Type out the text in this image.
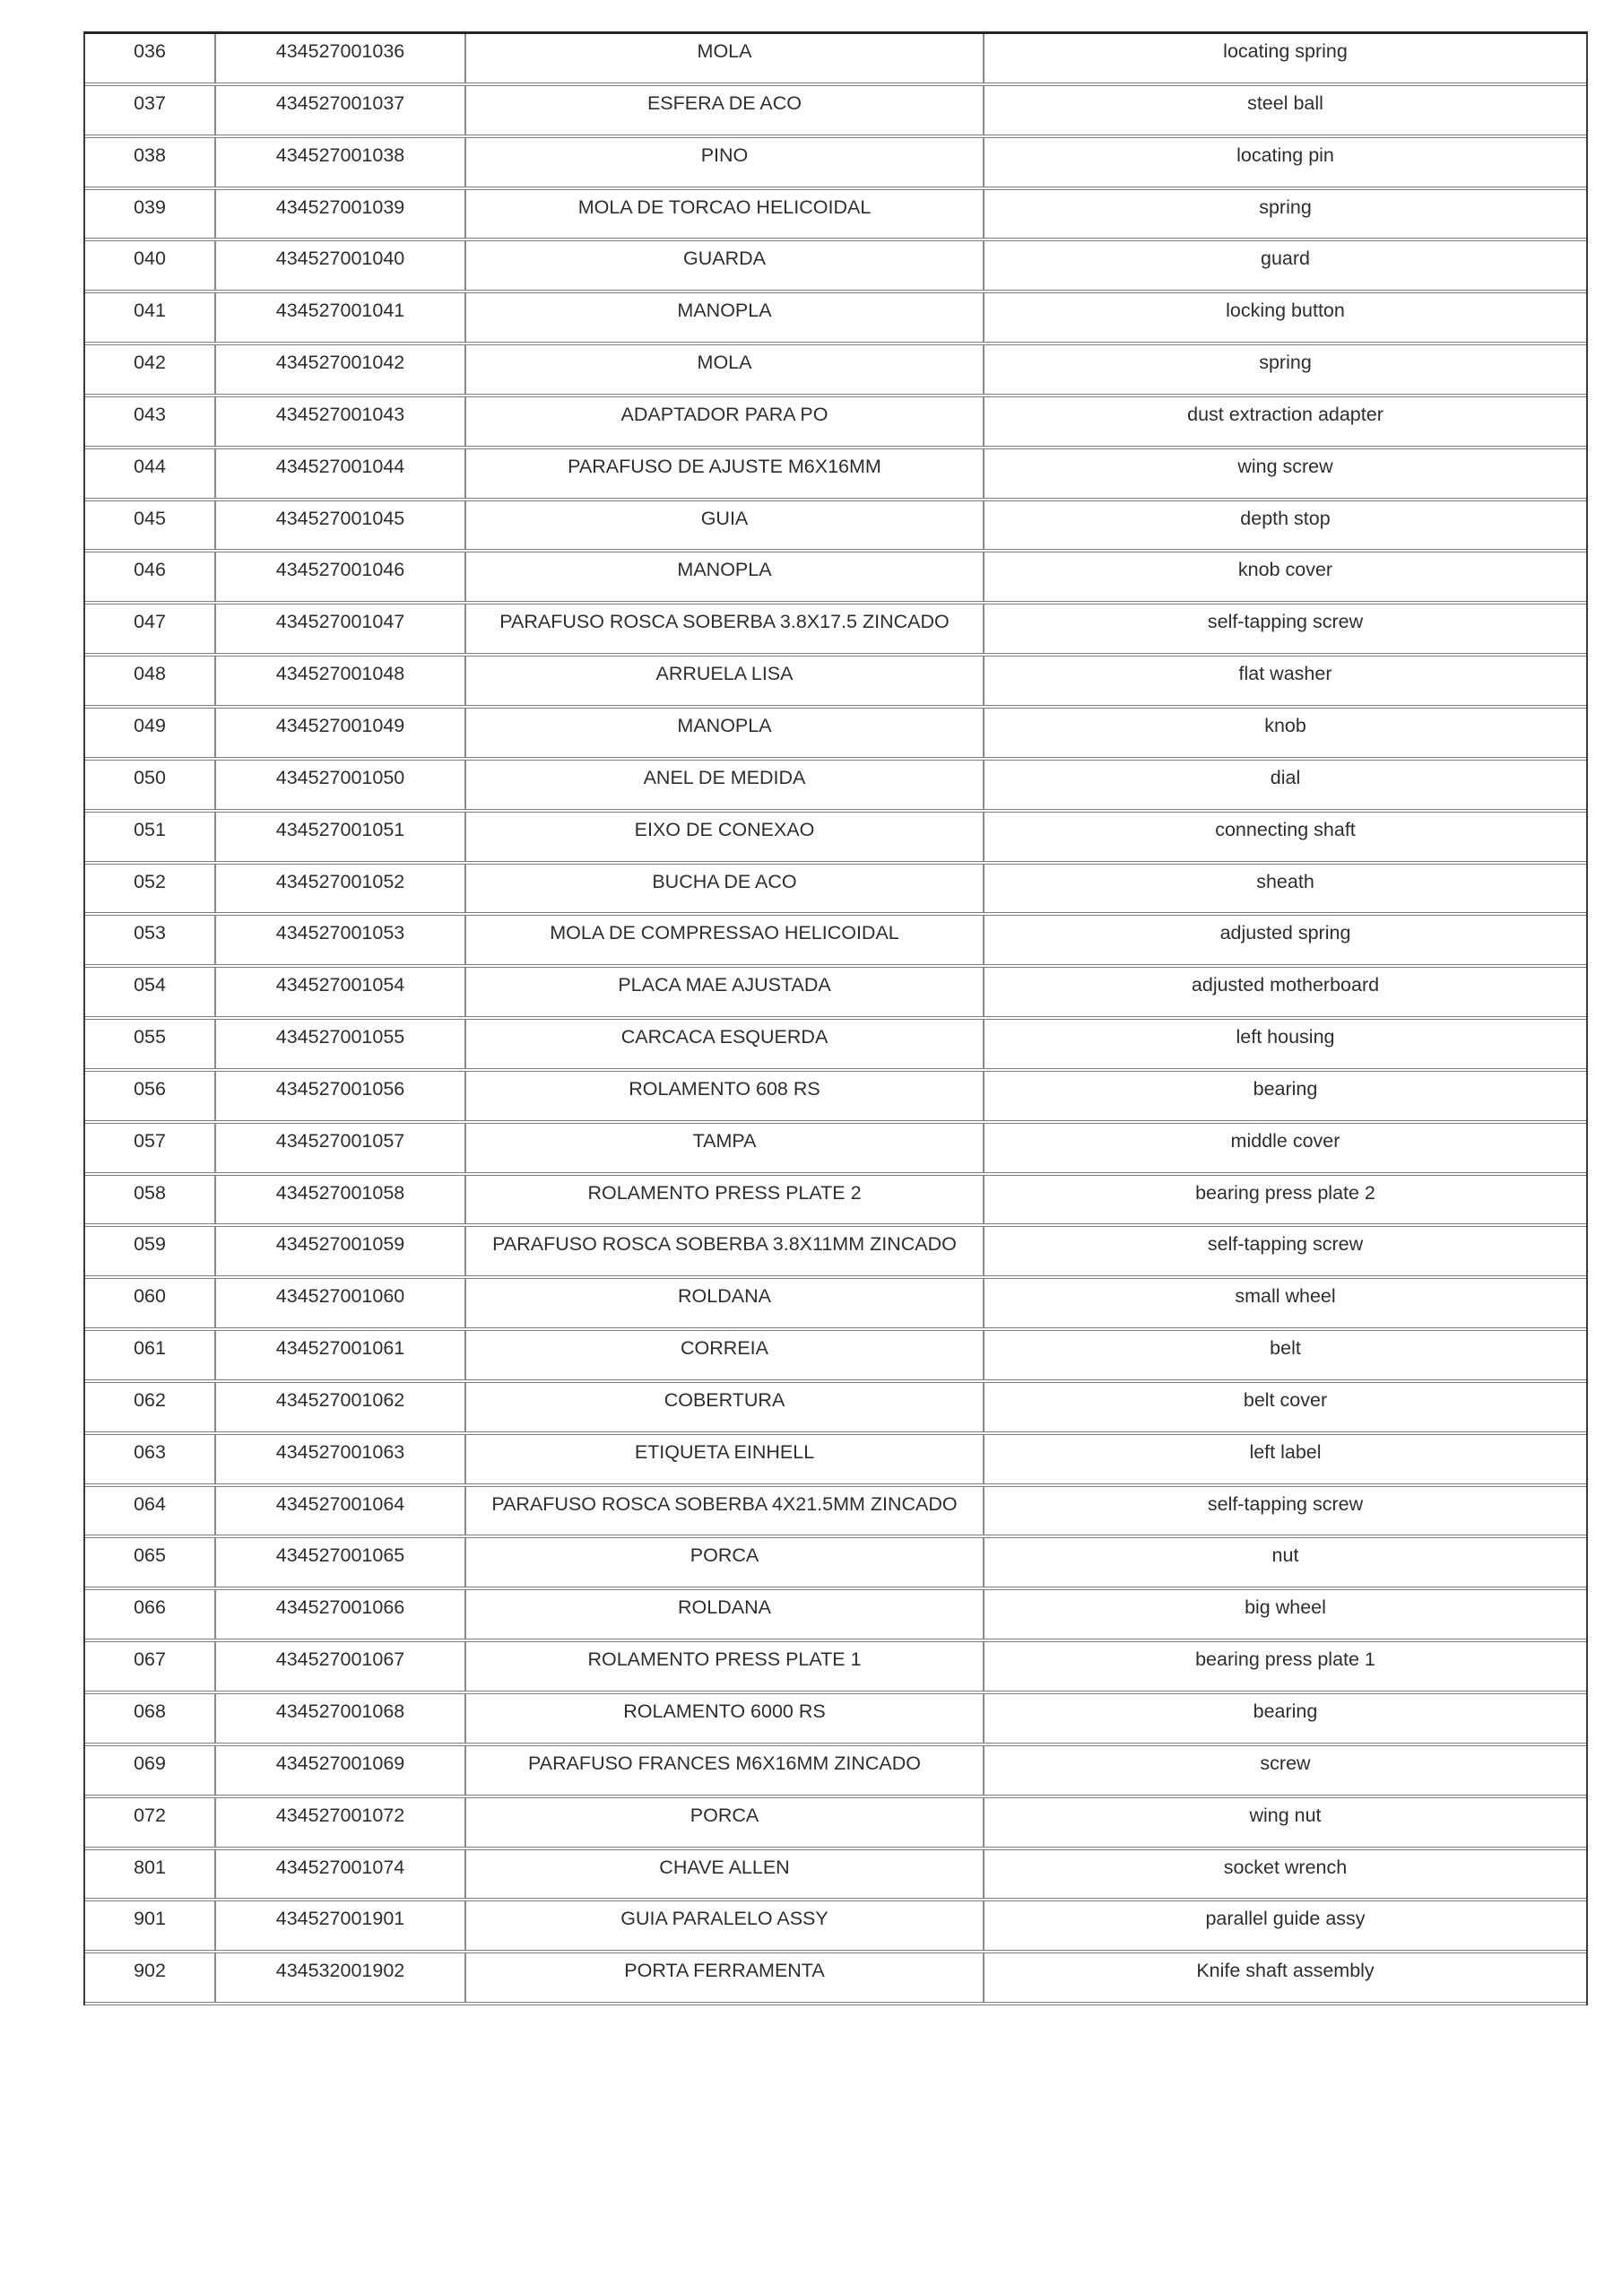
036	434527001036	MOLA	locating spring
037	434527001037	ESFERA DE ACO	steel ball
038	434527001038	PINO	locating pin
039	434527001039	MOLA DE TORCAO HELICOIDAL	spring
040	434527001040	GUARDA	guard
041	434527001041	MANOPLA	locking button
042	434527001042	MOLA	spring
043	434527001043	ADAPTADOR PARA PO	dust extraction adapter
044	434527001044	PARAFUSO DE AJUSTE M6X16MM	wing screw
045	434527001045	GUIA	depth stop
046	434527001046	MANOPLA	knob cover
047	434527001047	PARAFUSO ROSCA SOBERBA 3.8X17.5 ZINCADO	self-tapping screw
048	434527001048	ARRUELA LISA	flat washer
049	434527001049	MANOPLA	knob
050	434527001050	ANEL DE MEDIDA	dial
051	434527001051	EIXO DE CONEXAO	connecting shaft
052	434527001052	BUCHA DE ACO	sheath
053	434527001053	MOLA DE COMPRESSAO HELICOIDAL	adjusted spring
054	434527001054	PLACA MAE AJUSTADA	adjusted motherboard
055	434527001055	CARCACA ESQUERDA	left housing
056	434527001056	ROLAMENTO 608 RS	bearing
057	434527001057	TAMPA	middle cover
058	434527001058	ROLAMENTO PRESS PLATE 2	bearing press plate 2
059	434527001059	PARAFUSO ROSCA SOBERBA 3.8X11MM ZINCADO	self-tapping screw
060	434527001060	ROLDANA	small wheel
061	434527001061	CORREIA	belt
062	434527001062	COBERTURA	belt cover
063	434527001063	ETIQUETA EINHELL	left label
064	434527001064	PARAFUSO ROSCA SOBERBA 4X21.5MM ZINCADO	self-tapping screw
065	434527001065	PORCA	nut
066	434527001066	ROLDANA	big wheel
067	434527001067	ROLAMENTO PRESS PLATE 1	bearing press plate 1
068	434527001068	ROLAMENTO 6000 RS	bearing
069	434527001069	PARAFUSO FRANCES M6X16MM ZINCADO	screw
072	434527001072	PORCA	wing nut
801	434527001074	CHAVE ALLEN	socket wrench
901	434527001901	GUIA PARALELO ASSY	parallel guide assy
902	434532001902	PORTA FERRAMENTA	Knife shaft assembly
